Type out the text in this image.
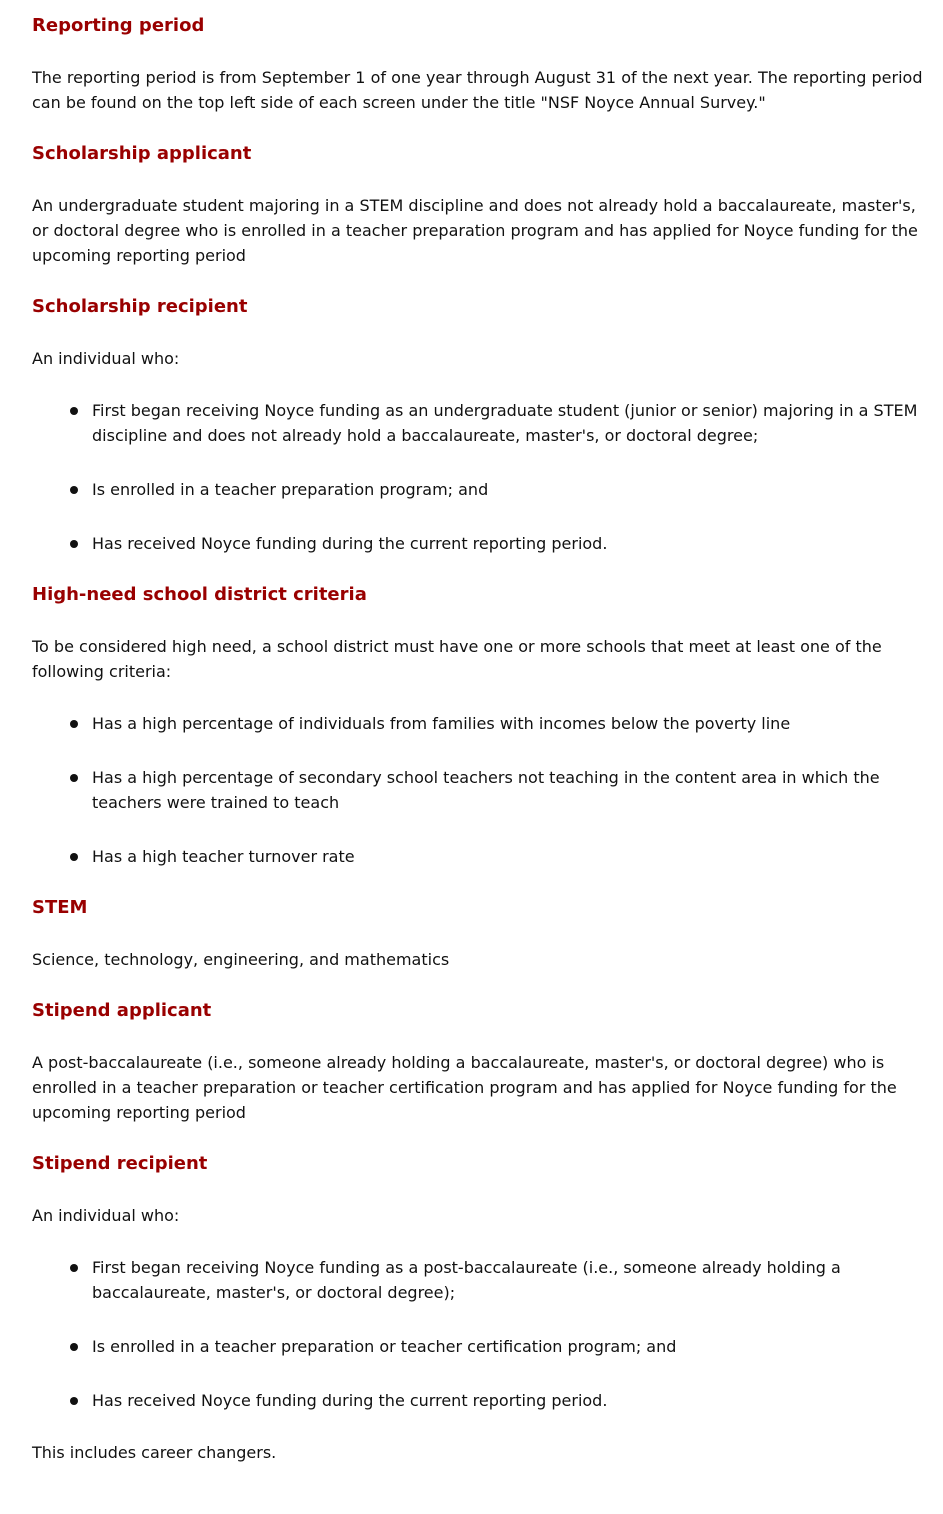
Reporting period

The reporting period is from September 1 of one year through August 31 of the next year. The reporting period can be found on the top left side of each screen under the title "NSF Noyce Annual Survey."

Scholarship applicant

An undergraduate student majoring in a STEM discipline and does not already hold a baccalaureate, master's, or doctoral degree who is enrolled in a teacher preparation program and has applied for Noyce funding for the upcoming reporting period

Scholarship recipient

An individual who:

First began receiving Noyce funding as an undergraduate student (junior or senior) majoring in a STEM discipline and does not already hold a baccalaureate, master's, or doctoral degree;
Is enrolled in a teacher preparation program; and
Has received Noyce funding during the current reporting period.
High-need school district criteria

To be considered high need, a school district must have one or more schools that meet at least one of the following criteria:

Has a high percentage of individuals from families with incomes below the poverty line
Has a high percentage of secondary school teachers not teaching in the content area in which the teachers were trained to teach
Has a high teacher turnover rate
STEM

Science, technology, engineering, and mathematics

Stipend applicant

A post-baccalaureate (i.e., someone already holding a baccalaureate, master's, or doctoral degree) who is enrolled in a teacher preparation or teacher certification program and has applied for Noyce funding for the upcoming reporting period

Stipend recipient

An individual who:

First began receiving Noyce funding as a post-baccalaureate (i.e., someone already holding a baccalaureate, master's, or doctoral degree);
Is enrolled in a teacher preparation or teacher certification program; and
Has received Noyce funding during the current reporting period.

This includes career changers.
